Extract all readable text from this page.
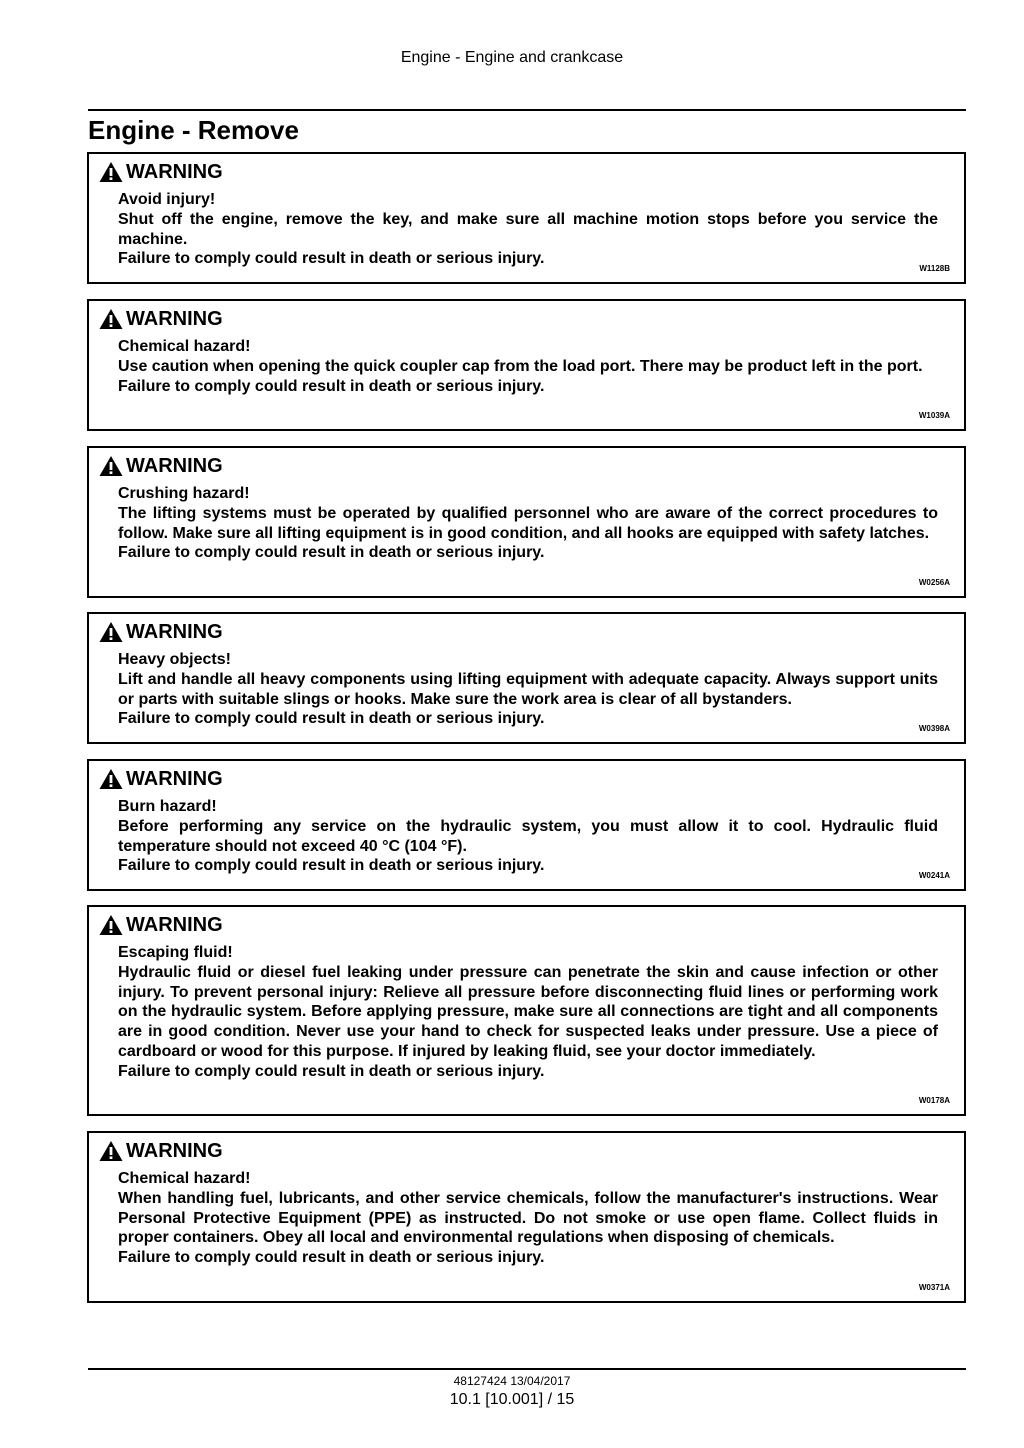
Engine - Engine and crankcase
Engine - Remove
WARNING

Avoid injury!

Shut off the engine, remove the key, and make sure all machine motion stops before you service the machine.

Failure to comply could result in death or serious injury.

W1128B
WARNING

Chemical hazard!

Use caution when opening the quick coupler cap from the load port. There may be product left in the port.

Failure to comply could result in death or serious injury.

W1039A
WARNING

Crushing hazard!

The lifting systems must be operated by qualified personnel who are aware of the correct procedures to follow. Make sure all lifting equipment is in good condition, and all hooks are equipped with safety latches.

Failure to comply could result in death or serious injury.

W0256A
WARNING

Heavy objects!

Lift and handle all heavy components using lifting equipment with adequate capacity. Always support units or parts with suitable slings or hooks. Make sure the work area is clear of all bystanders.

Failure to comply could result in death or serious injury.

W0398A
WARNING

Burn hazard!

Before performing any service on the hydraulic system, you must allow it to cool. Hydraulic fluid temperature should not exceed 40 °C (104 °F).

Failure to comply could result in death or serious injury.

W0241A
WARNING

Escaping fluid!

Hydraulic fluid or diesel fuel leaking under pressure can penetrate the skin and cause infection or other injury. To prevent personal injury: Relieve all pressure before disconnecting fluid lines or performing work on the hydraulic system. Before applying pressure, make sure all connections are tight and all components are in good condition. Never use your hand to check for suspected leaks under pressure. Use a piece of cardboard or wood for this purpose. If injured by leaking fluid, see your doctor immediately.

Failure to comply could result in death or serious injury.

W0178A
WARNING

Chemical hazard!

When handling fuel, lubricants, and other service chemicals, follow the manufacturer's instructions. Wear Personal Protective Equipment (PPE) as instructed. Do not smoke or use open flame. Collect fluids in proper containers. Obey all local and environmental regulations when disposing of chemicals.

Failure to comply could result in death or serious injury.

W0371A
48127424 13/04/2017
10.1 [10.001] / 15
